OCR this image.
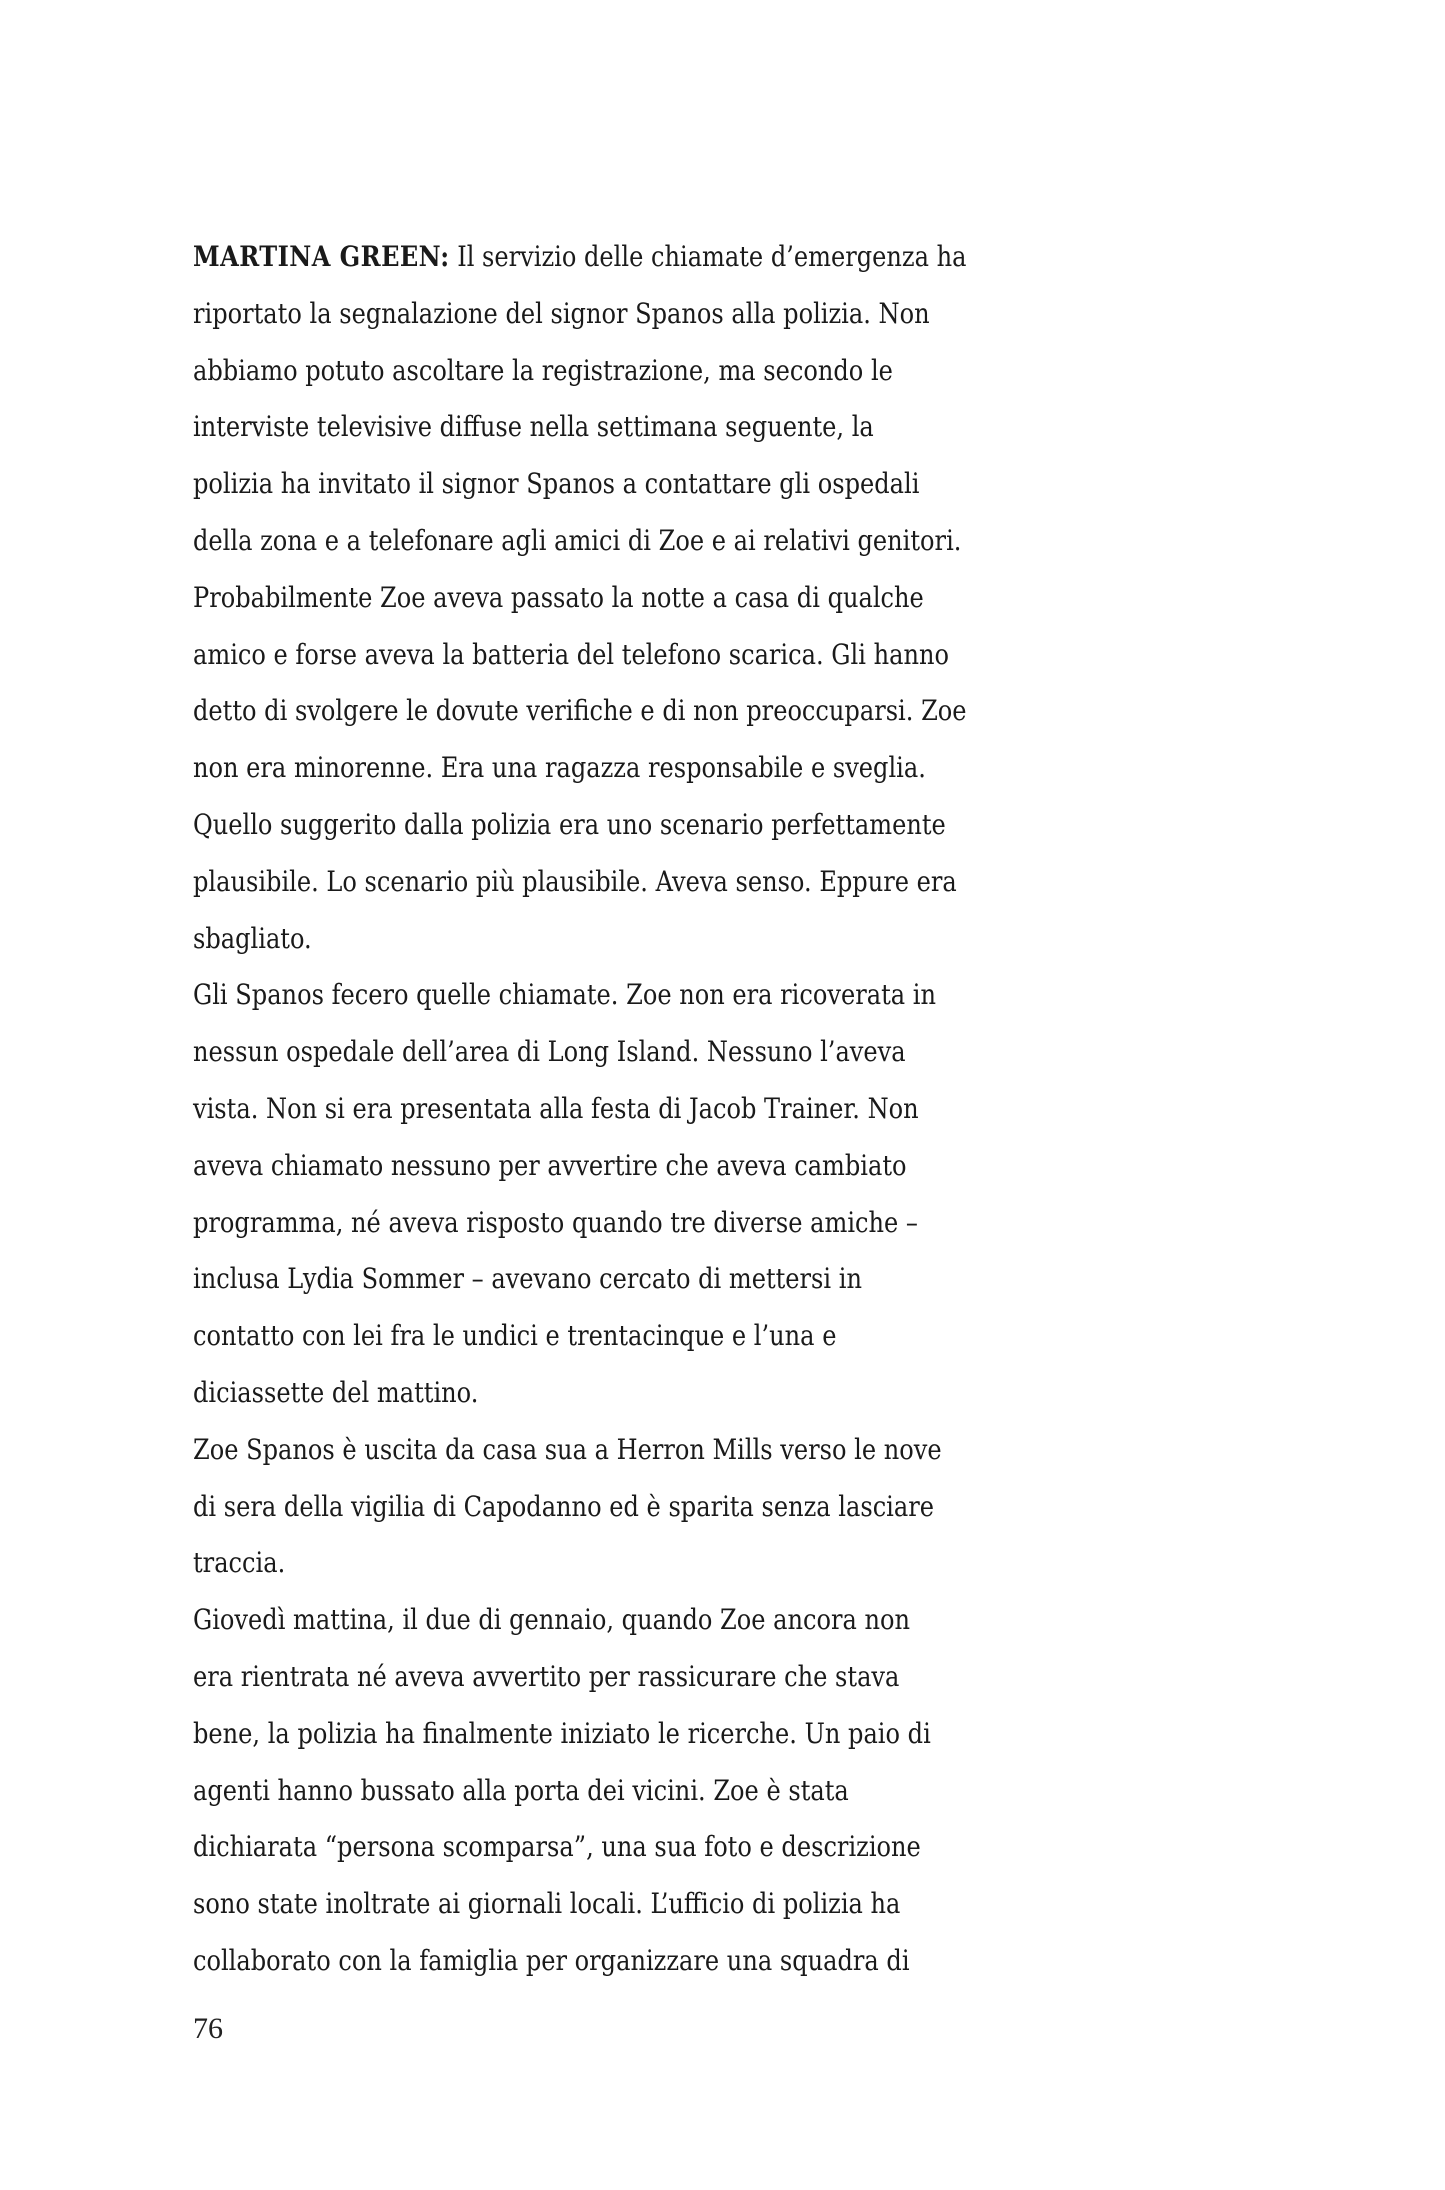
MARTINA GREEN: Il servizio delle chiamate d’emergenza ha
riportato la segnalazione del signor Spanos alla polizia. Non
abbiamo potuto ascoltare la registrazione, ma secondo le
interviste televisive diffuse nella settimana seguente, la
polizia ha invitato il signor Spanos a contattare gli ospedali
della zona e a telefonare agli amici di Zoe e ai relativi genitori.
Probabilmente Zoe aveva passato la notte a casa di qualche
amico e forse aveva la batteria del telefono scarica. Gli hanno
detto di svolgere le dovute verifiche e di non preoccuparsi. Zoe
non era minorenne. Era una ragazza responsabile e sveglia.
Quello suggerito dalla polizia era uno scenario perfettamente
plausibile. Lo scenario più plausibile. Aveva senso. Eppure era
sbagliato.
Gli Spanos fecero quelle chiamate. Zoe non era ricoverata in
nessun ospedale dell’area di Long Island. Nessuno l’aveva
vista. Non si era presentata alla festa di Jacob Trainer. Non
aveva chiamato nessuno per avvertire che aveva cambiato
programma, né aveva risposto quando tre diverse amiche –
inclusa Lydia Sommer – avevano cercato di mettersi in
contatto con lei fra le undici e trentacinque e l’una e
diciassette del mattino.
Zoe Spanos è uscita da casa sua a Herron Mills verso le nove
di sera della vigilia di Capodanno ed è sparita senza lasciare
traccia.
Giovedì mattina, il due di gennaio, quando Zoe ancora non
era rientrata né aveva avvertito per rassicurare che stava
bene, la polizia ha finalmente iniziato le ricerche. Un paio di
agenti hanno bussato alla porta dei vicini. Zoe è stata
dichiarata “persona scomparsa”, una sua foto e descrizione
sono state inoltrate ai giornali locali. L’ufficio di polizia ha
collaborato con la famiglia per organizzare una squadra di
76
